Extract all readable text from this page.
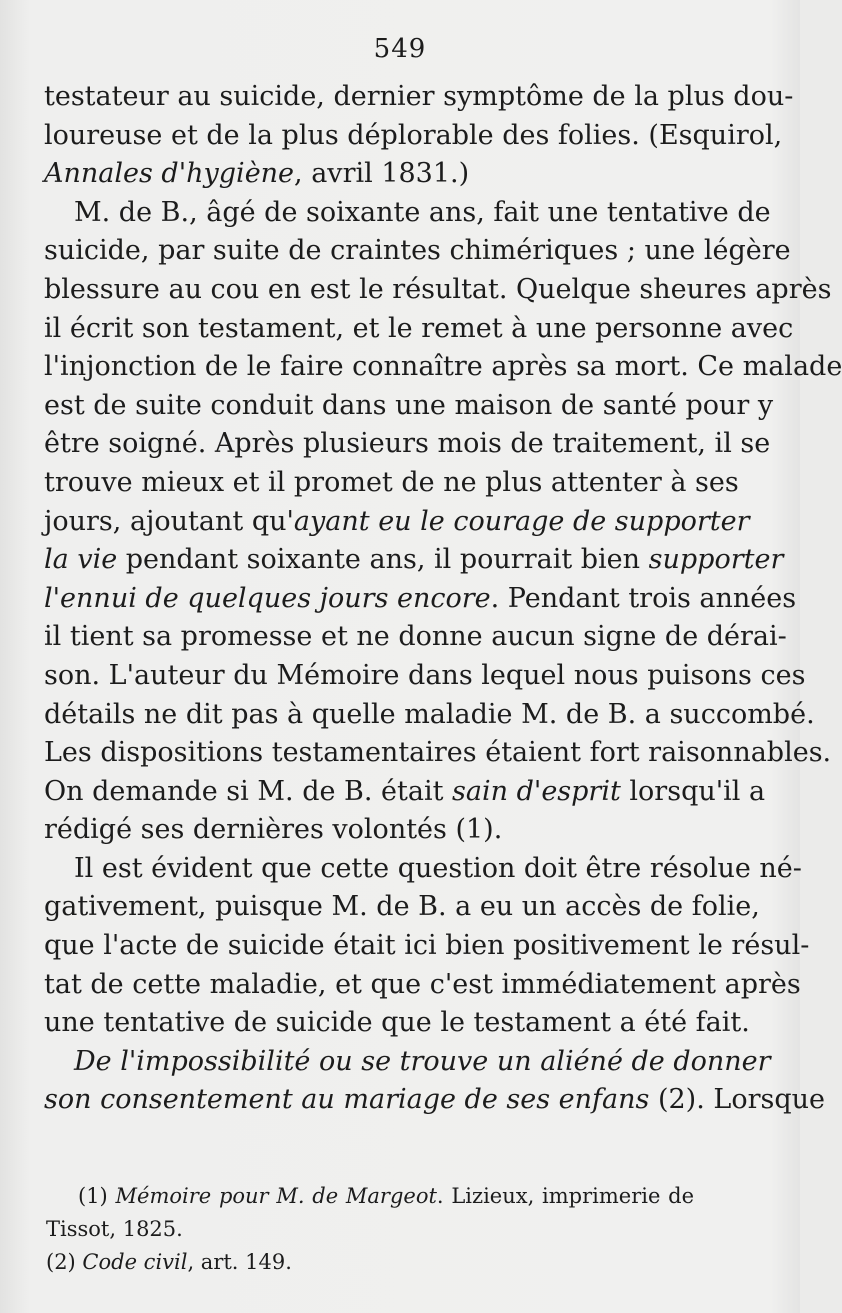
549
testateur au suicide, dernier symptôme de la plus dou-
loureuse et de la plus déplorable des folies. (Esquirol,
Annales d'hygiène, avril 1831.)
M. de B., âgé de soixante ans, fait une tentative de
suicide, par suite de craintes chimériques ; une légère
blessure au cou en est le résultat. Quelque sheures après
il écrit son testament, et le remet à une personne avec
l'injonction de le faire connaître après sa mort. Ce malade
est de suite conduit dans une maison de santé pour y
être soigné. Après plusieurs mois de traitement, il se
trouve mieux et il promet de ne plus attenter à ses
jours, ajoutant qu'ayant eu le courage de supporter
la vie pendant soixante ans, il pourrait bien supporter
l'ennui de quelques jours encore. Pendant trois années
il tient sa promesse et ne donne aucun signe de dérai-
son. L'auteur du Mémoire dans lequel nous puisons ces
détails ne dit pas à quelle maladie M. de B. a succombé.
Les dispositions testamentaires étaient fort raisonnables.
On demande si M. de B. était sain d'esprit lorsqu'il a
rédigé ses dernières volontés (1).
Il est évident que cette question doit être résolue né-
gativement, puisque M. de B. a eu un accès de folie,
que l'acte de suicide était ici bien positivement le résul-
tat de cette maladie, et que c'est immédiatement après
une tentative de suicide que le testament a été fait.
De l'impossibilité ou se trouve un aliéné de donner
son consentement au mariage de ses enfans (2). Lorsque
(1) Mémoire pour M. de Margeot. Lizieux, imprimerie de
Tissot, 1825.
(2) Code civil, art. 149.
